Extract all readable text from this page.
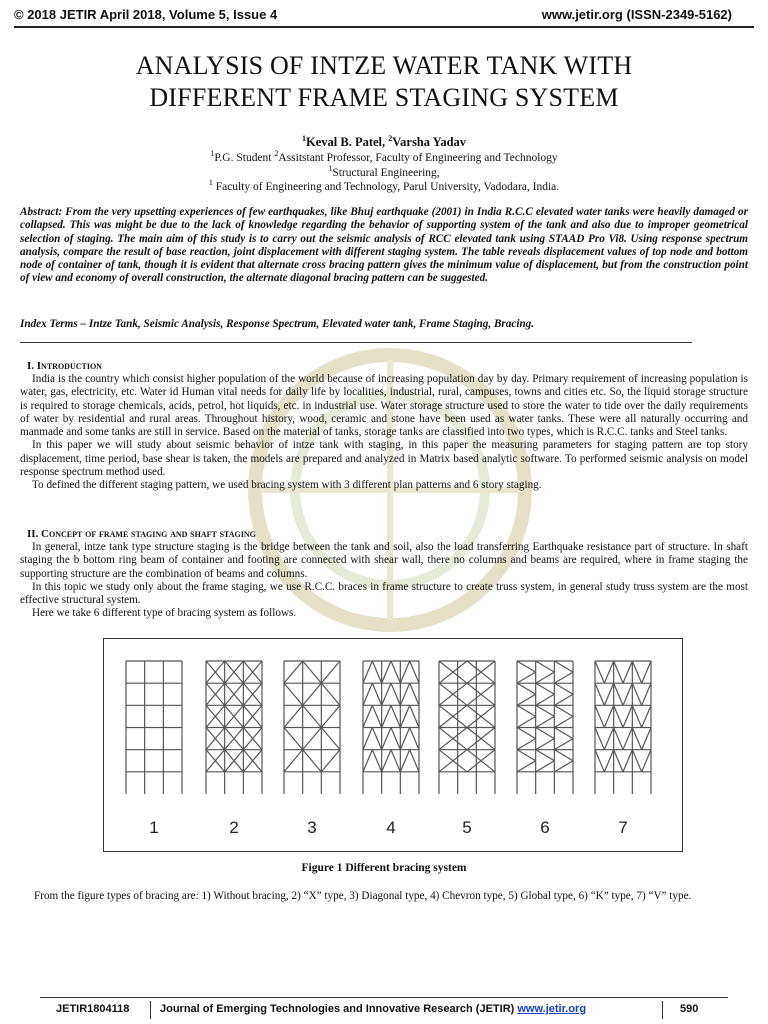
© 2018 JETIR April 2018, Volume 5, Issue 4	www.jetir.org (ISSN-2349-5162)
ANALYSIS OF INTZE WATER TANK WITH
DIFFERENT FRAME STAGING SYSTEM
$^1$Keval B. Patel, $^2$Varsha Yadav
$^1$P.G. Student $^2$Assitstant Professor, Faculty of Engineering and Technology
$^1$Structural Engineering,
$^1$ Faculty of Engineering and Technology, Parul University, Vadodara, India.
Abstract: From the very upsetting experiences of few earthquakes, like Bhuj earthquake (2001) in India R.C.C elevated water tanks were heavily damaged or collapsed. This was might be due to the lack of knowledge regarding the behavior of supporting system of the tank and also due to improper geometrical selection of staging. The main aim of this study is to carry out the seismic analysis of RCC elevated tank using STAAD Pro Vi8. Using response spectrum analysis, compare the result of base reaction, joint displacement with different staging system. The table reveals displacement values of top node and bottom node of container of tank, though it is evident that alternate cross bracing pattern gives the minimum value of displacement, but from the construction point of view and economy of overall construction, the alternate diagonal bracing pattern can be suggested.
Index Terms – Intze Tank, Seismic Analysis, Response Spectrum, Elevated water tank, Frame Staging, Bracing.
I. Introduction

India is the country which consist higher population of the world because of increasing population day by day. Primary requirement of increasing population is water, gas, electricity, etc. Water id Human vital needs for daily life by localities, industrial, rural, campuses, towns and cities etc. So, the liquid storage structure is required to storage chemicals, acids, petrol, hot liquids, etc. in industrial use. Water storage structure used to store the water to tide over the daily requirements of water by residential and rural areas. Throughout history, wood, ceramic and stone have been used as water tanks. These were all naturally occurring and manmade and some tanks are still in service. Based on the material of tanks, storage tanks are classified into two types, which is R.C.C. tanks and Steel tanks.

In this paper we will study about seismic behavior of intze tank with staging, in this paper the measuring parameters for staging pattern are top story displacement, time period, base shear is taken, the models are prepared and analyzed in Matrix based analytic software. To performed seismic analysis on model response spectrum method used.

To defined the different staging pattern, we used bracing system with 3 different plan patterns and 6 story staging.

II. Concept of frame staging and shaft staging

In general, intze tank type structure staging is the bridge between the tank and soil, also the load transferring Earthquake resistance part of structure. In shaft staging the b bottom ring beam of container and footing are connected with shear wall, there no columns and beams are required, where in frame staging the supporting structure are the combination of beams and columns.

In this topic we study only about the frame staging, we use R.C.C. braces in frame structure to create truss system, in general study truss system are the most effective structural system.

Here we take 6 different type of bracing system as follows.

1	2	3	4	5	6	7
Figure 1 Different bracing system
From the figure types of bracing are: 1) Without bracing, 2) “X” type, 3) Diagonal type, 4) Chevron type, 5) Global type, 6) “K” type, 7) “V” type.
JETIR1804118	Journal of Emerging Technologies and Innovative Research (JETIR) www.jetir.org	590
